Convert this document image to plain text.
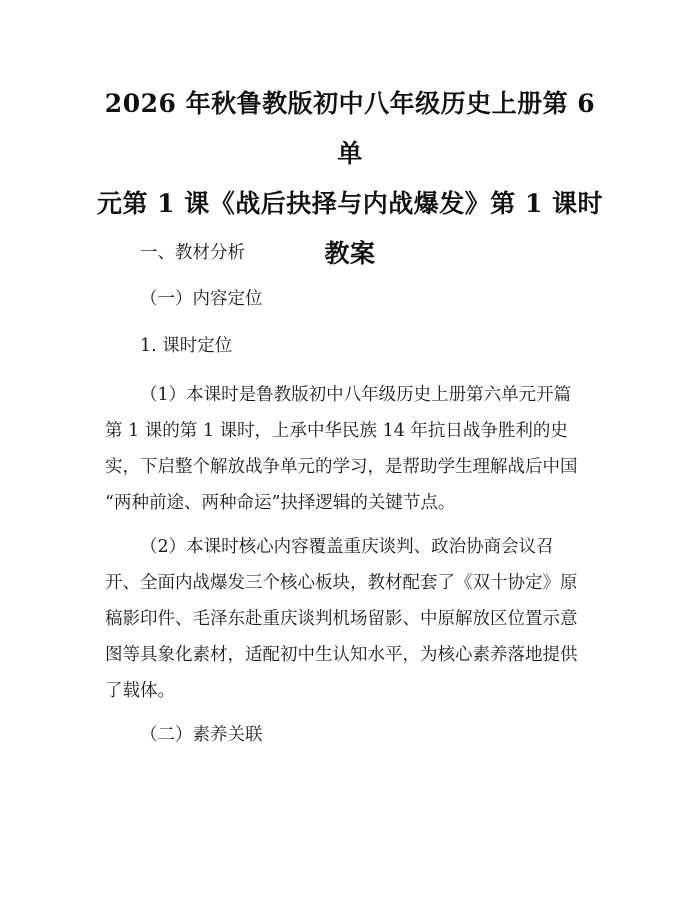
2026 年秋鲁教版初中八年级历史上册第 6 单
元第 1 课《战后抉择与内战爆发》第 1 课时
教案

一、教材分析

（一）内容定位

1. 课时定位

（1）本课时是鲁教版初中八年级历史上册第六单元开篇
第 1 课的第 1 课时，上承中华民族 14 年抗日战争胜利的史
实，下启整个解放战争单元的学习，是帮助学生理解战后中国
“两种前途、两种命运”抉择逻辑的关键节点。
（2）本课时核心内容覆盖重庆谈判、政治协商会议召
开、全面内战爆发三个核心板块，教材配套了《双十协定》原
稿影印件、毛泽东赴重庆谈判机场留影、中原解放区位置示意
图等具象化素材，适配初中生认知水平，为核心素养落地提供
了载体。

（二）素养关联
